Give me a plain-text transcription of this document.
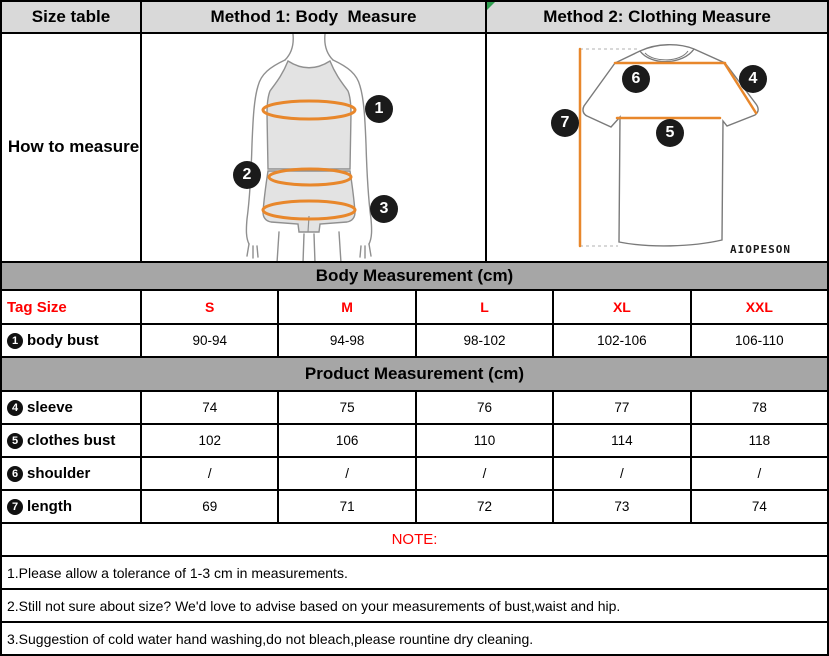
Size table	Method 1: Body  Measure	Method 2: Clothing Measure
How to measure
1
2
3
6	4
7
5
AIOPESON
Body Measurement (cm)
Tag Size	S	M	L	XL	XXL
1 body bust	90-94	94-98	98-102	102-106	106-110
Product Measurement (cm)
4 sleeve	74	75	76	77	78
5 clothes bust	102	106	110	114	118
6 shoulder	/	/	/	/	/
7 length	69	71	72	73	74
NOTE:
1.Please allow a tolerance of 1-3 cm in measurements.
2.Still not sure about size? We'd love to advise based on your measurements of bust,waist and hip.
3.Suggestion of cold water hand washing,do not bleach,please rountine dry cleaning.
